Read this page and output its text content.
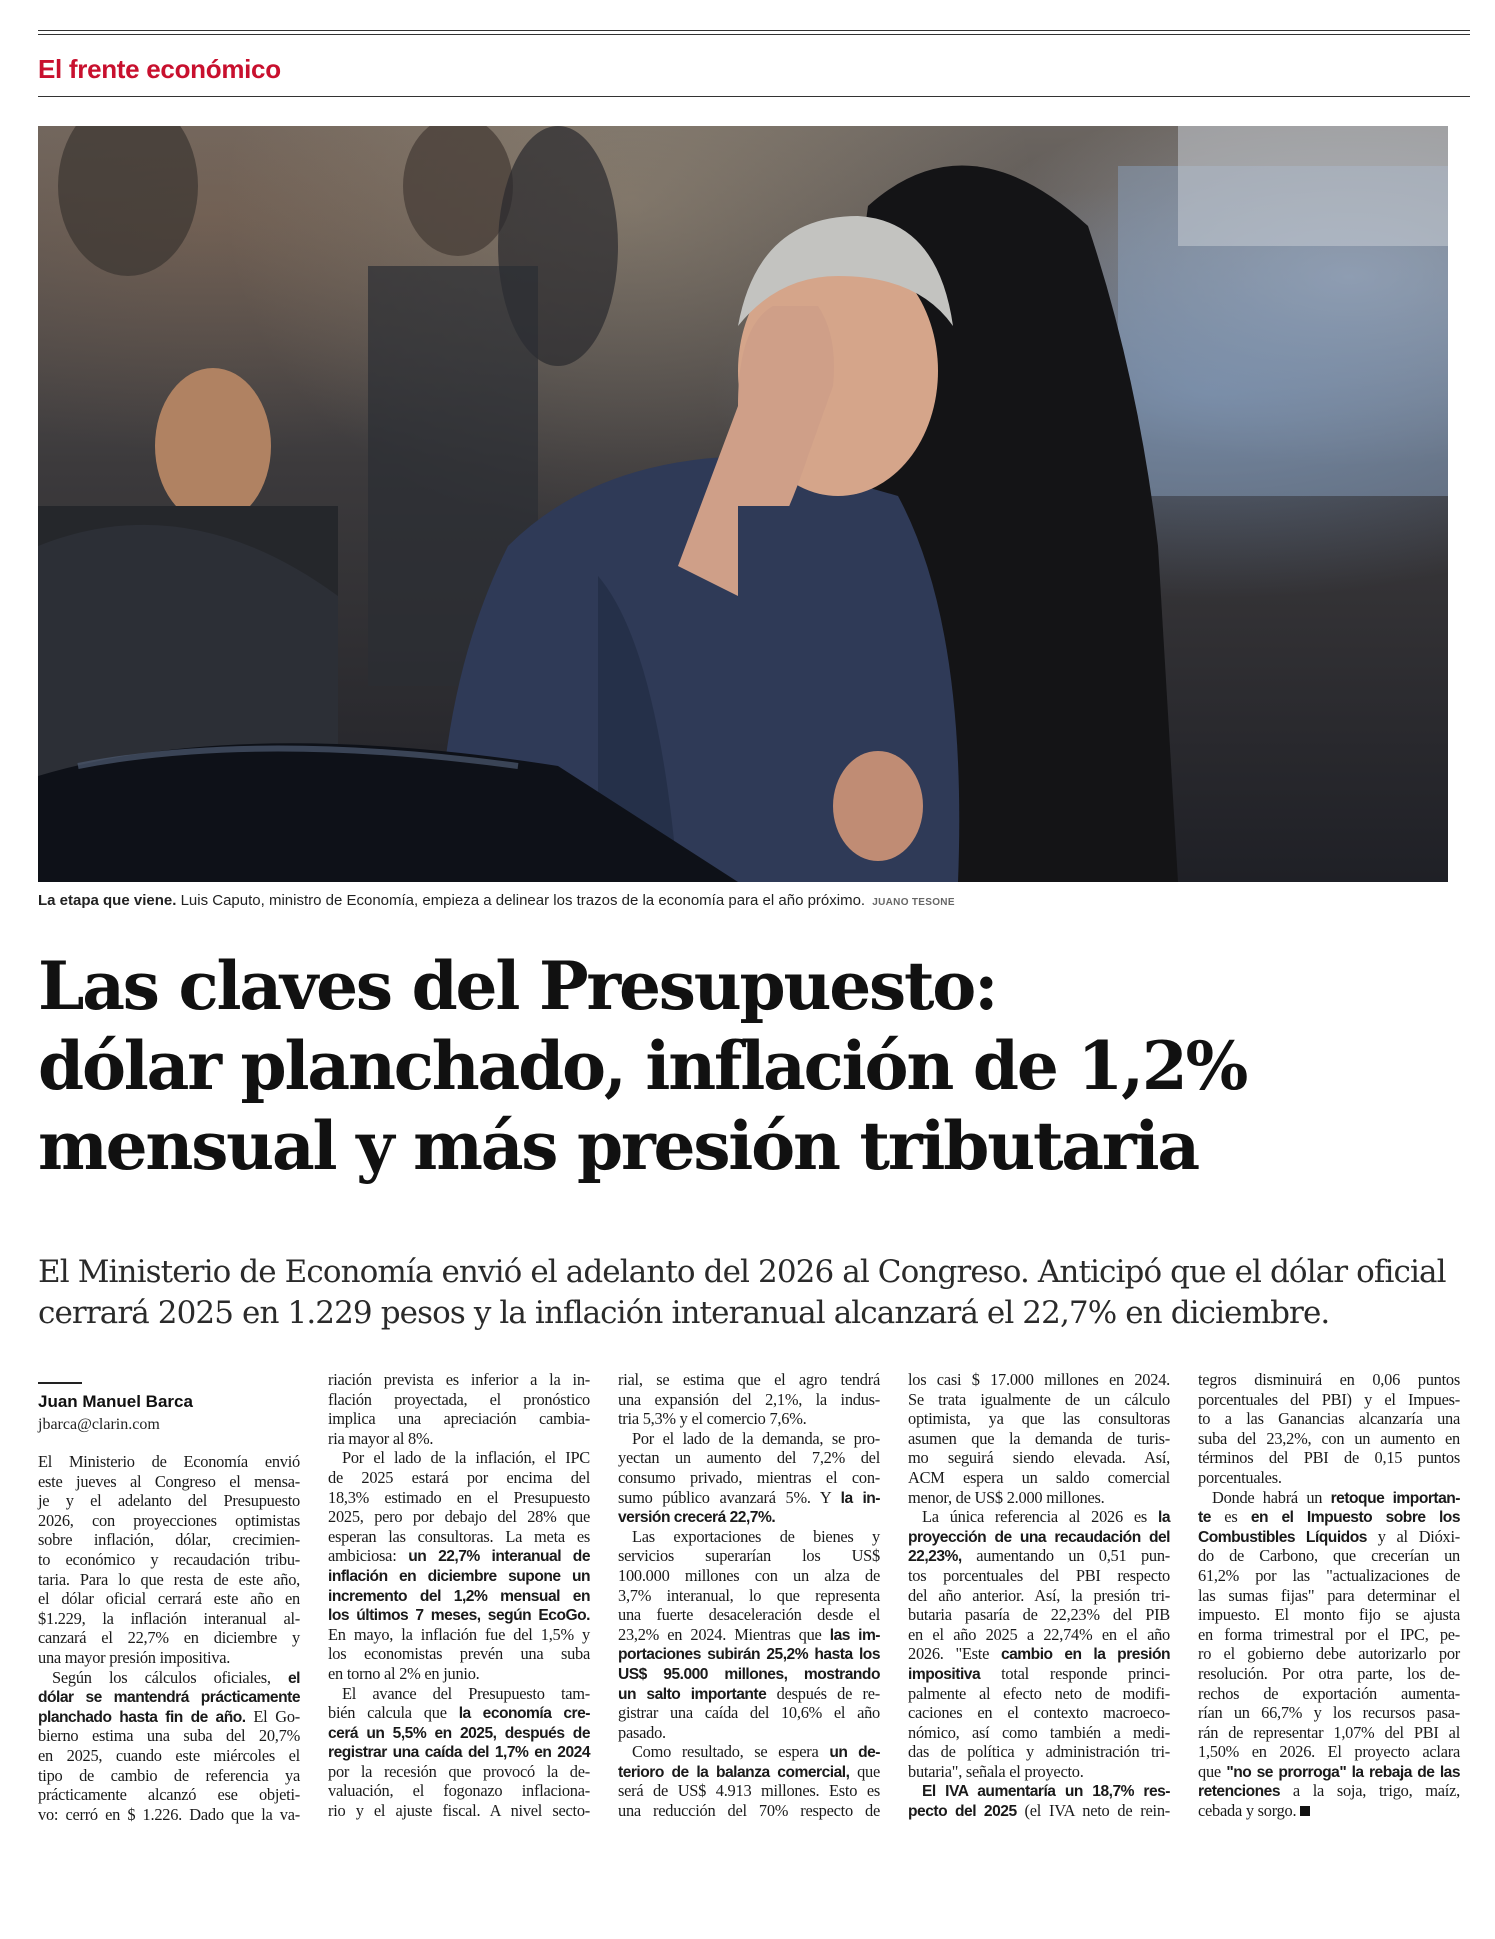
El frente económico
La etapa que viene. Luis Caputo, ministro de Economía, empieza a delinear los trazos de la economía para el año próximo. JUANO TESONE
Las claves del Presupuesto:
dólar planchado, inflación de 1,2%
mensual y más presión tributaria
El Ministerio de Economía envió el adelanto del 2026 al Congreso. Anticipó que el dólar oficial
cerrará 2025 en 1.229 pesos y la inflación interanual alcanzará el 22,7% en diciembre.
Juan Manuel Barca
jbarca@clarin.com
El Ministerio de Economía envió
este jueves al Congreso el mensa-
je y el adelanto del Presupuesto
2026, con proyecciones optimistas
sobre inflación, dólar, crecimien-
to económico y recaudación tribu-
taria. Para lo que resta de este año,
el dólar oficial cerrará este año en
$1.229, la inflación interanual al-
canzará el 22,7% en diciembre y
una mayor presión impositiva.
Según los cálculos oficiales, el
dólar se mantendrá prácticamente
planchado hasta fin de año. El Go-
bierno estima una suba del 20,7%
en 2025, cuando este miércoles el
tipo de cambio de referencia ya
prácticamente alcanzó ese objeti-
vo: cerró en $ 1.226. Dado que la va-
riación prevista es inferior a la in-
flación proyectada, el pronóstico
implica una apreciación cambia-
ria mayor al 8%.
Por el lado de la inflación, el IPC
de 2025 estará por encima del
18,3% estimado en el Presupuesto
2025, pero por debajo del 28% que
esperan las consultoras. La meta es
ambiciosa: un 22,7% interanual de
inflación en diciembre supone un
incremento del 1,2% mensual en
los últimos 7 meses, según EcoGo.
En mayo, la inflación fue del 1,5% y
los economistas prevén una suba
en torno al 2% en junio.
El avance del Presupuesto tam-
bién calcula que la economía cre-
cerá un 5,5% en 2025, después de
registrar una caída del 1,7% en 2024
por la recesión que provocó la de-
valuación, el fogonazo inflaciona-
rio y el ajuste fiscal. A nivel secto-
rial, se estima que el agro tendrá
una expansión del 2,1%, la indus-
tria 5,3% y el comercio 7,6%.
Por el lado de la demanda, se pro-
yectan un aumento del 7,2% del
consumo privado, mientras el con-
sumo público avanzará 5%. Y la in-
versión crecerá 22,7%.
Las exportaciones de bienes y
servicios superarían los US$
100.000 millones con un alza de
3,7% interanual, lo que representa
una fuerte desaceleración desde el
23,2% en 2024. Mientras que las im-
portaciones subirán 25,2% hasta los
US$ 95.000 millones, mostrando
un salto importante después de re-
gistrar una caída del 10,6% el año
pasado.
Como resultado, se espera un de-
terioro de la balanza comercial, que
será de US$ 4.913 millones. Esto es
una reducción del 70% respecto de
los casi $ 17.000 millones en 2024.
Se trata igualmente de un cálculo
optimista, ya que las consultoras
asumen que la demanda de turis-
mo seguirá siendo elevada. Así,
ACM espera un saldo comercial
menor, de US$ 2.000 millones.
La única referencia al 2026 es la
proyección de una recaudación del
22,23%, aumentando un 0,51 pun-
tos porcentuales del PBI respecto
del año anterior. Así, la presión tri-
butaria pasaría de 22,23% del PIB
en el año 2025 a 22,74% en el año
2026. "Este cambio en la presión
impositiva total responde princi-
palmente al efecto neto de modifi-
caciones en el contexto macroeco-
nómico, así como también a medi-
das de política y administración tri-
butaria", señala el proyecto.
El IVA aumentaría un 18,7% res-
pecto del 2025 (el IVA neto de rein-
tegros disminuirá en 0,06 puntos
porcentuales del PBI) y el Impues-
to a las Ganancias alcanzaría una
suba del 23,2%, con un aumento en
términos del PBI de 0,15 puntos
porcentuales.
Donde habrá un retoque importan-
te es en el Impuesto sobre los
Combustibles Líquidos y al Dióxi-
do de Carbono, que crecerían un
61,2% por las "actualizaciones de
las sumas fijas" para determinar el
impuesto. El monto fijo se ajusta
en forma trimestral por el IPC, pe-
ro el gobierno debe autorizarlo por
resolución. Por otra parte, los de-
rechos de exportación aumenta-
rían un 66,7% y los recursos pasa-
rán de representar 1,07% del PBI al
1,50% en 2026. El proyecto aclara
que "no se prorroga" la rebaja de las
retenciones a la soja, trigo, maíz,
cebada y sorgo.
